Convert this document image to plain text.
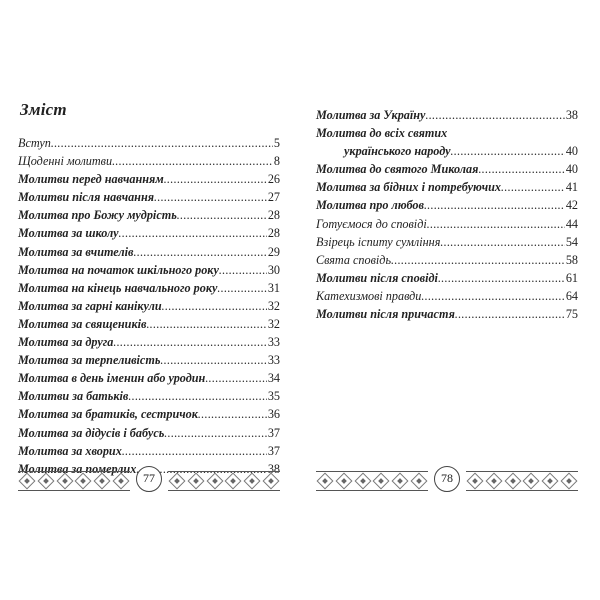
Зміст
Вступ .....	5
Щоденні молитви .....	8
Молитви перед навчанням .....	26
Молитви після навчання .....	27
Молитва про Божу мудрість .....	28
Молитва за школу .....	28
Молитва за вчителів .....	29
Молитва на початок шкільного року .....	30
Молитва на кінець навчального року .....	31
Молитва за гарні канікули .....	32
Молитва за священиків .....	32
Молитва за друга .....	33
Молитва за терпеливість .....	33
Молитва в день іменин або уродин .....	34
Молитви за батьків .....	35
Молитва за братиків, сестричок .....	36
Молитва за дідусів і бабусь .....	37
Молитва за хворих .....	37
Молитва за померлих .....	38
77
Молитва за Україну .....	38
Молитва до всіх святих
українського народу .....	40
Молитва до святого Миколая .....	40
Молитва за бідних і потребуючих .....	41
Молитва про любов .....	42
Готуємося до сповіді .....	44
Взірець іспиту сумління .....	54
Свята сповідь .....	58
Молитви після сповіді .....	61
Катехизмові правди .....	64
Молитви після причастя .....	75
78
